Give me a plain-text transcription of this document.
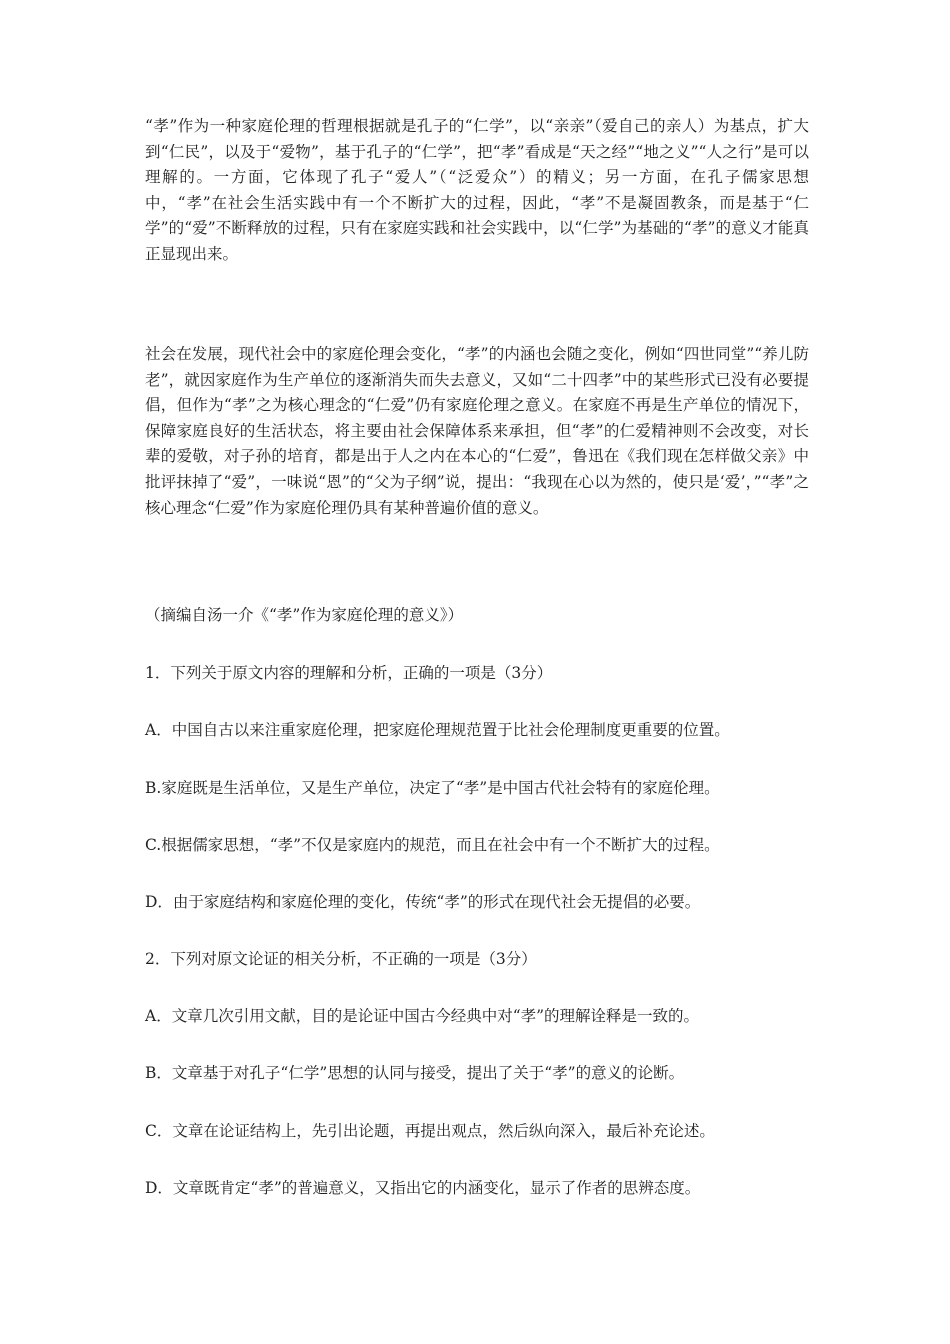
“孝”作为一种家庭伦理的哲理根据就是孔子的“仁学”，以“亲亲”（爱自己的亲人）为基点，扩大到“仁民”，以及于“爱物”，基于孔子的“仁学”，把“孝”看成是“天之经”“地之义”“人之行”是可以理解的。一方面，它体现了孔子“爱人”（“泛爱众”）的精义；另一方面，在孔子儒家思想中，“孝”在社会生活实践中有一个不断扩大的过程，因此，“孝”不是凝固教条，而是基于“仁学”的“爱”不断释放的过程，只有在家庭实践和社会实践中，以“仁学”为基础的“孝”的意义才能真正显现出来。

社会在发展，现代社会中的家庭伦理会变化，“孝”的内涵也会随之变化，例如“四世同堂”“养儿防老”，就因家庭作为生产单位的逐渐消失而失去意义，又如“二十四孝”中的某些形式已没有必要提倡，但作为“孝”之为核心理念的“仁爱”仍有家庭伦理之意义。在家庭不再是生产单位的情况下，保障家庭良好的生活状态，将主要由社会保障体系来承担，但“孝”的仁爱精神则不会改变，对长辈的爱敬，对子孙的培育，都是出于人之内在本心的“仁爱”，鲁迅在《我们现在怎样做父亲》中批评抹掉了“爱”，一味说“恩”的“父为子纲”说，提出：“我现在心以为然的，使只是‘爱’，”“孝”之核心理念“仁爱”作为家庭伦理仍具有某种普遍价值的意义。

（摘编自汤一介《“孝”作为家庭伦理的意义》）

1．下列关于原文内容的理解和分析，正确的一项是（3分）

A．中国自古以来注重家庭伦理，把家庭伦理规范置于比社会伦理制度更重要的位置。

B.家庭既是生活单位，又是生产单位，决定了“孝”是中国古代社会特有的家庭伦理。

C.根据儒家思想，“孝”不仅是家庭内的规范，而且在社会中有一个不断扩大的过程。

D．由于家庭结构和家庭伦理的变化，传统“孝”的形式在现代社会无提倡的必要。

2．下列对原文论证的相关分析，不正确的一项是（3分）

A．文章几次引用文献，目的是论证中国古今经典中对“孝”的理解诠释是一致的。

B．文章基于对孔子“仁学”思想的认同与接受，提出了关于“孝”的意义的论断。

C．文章在论证结构上，先引出论题，再提出观点，然后纵向深入，最后补充论述。

D．文章既肯定“孝”的普遍意义，又指出它的内涵变化，显示了作者的思辨态度。
